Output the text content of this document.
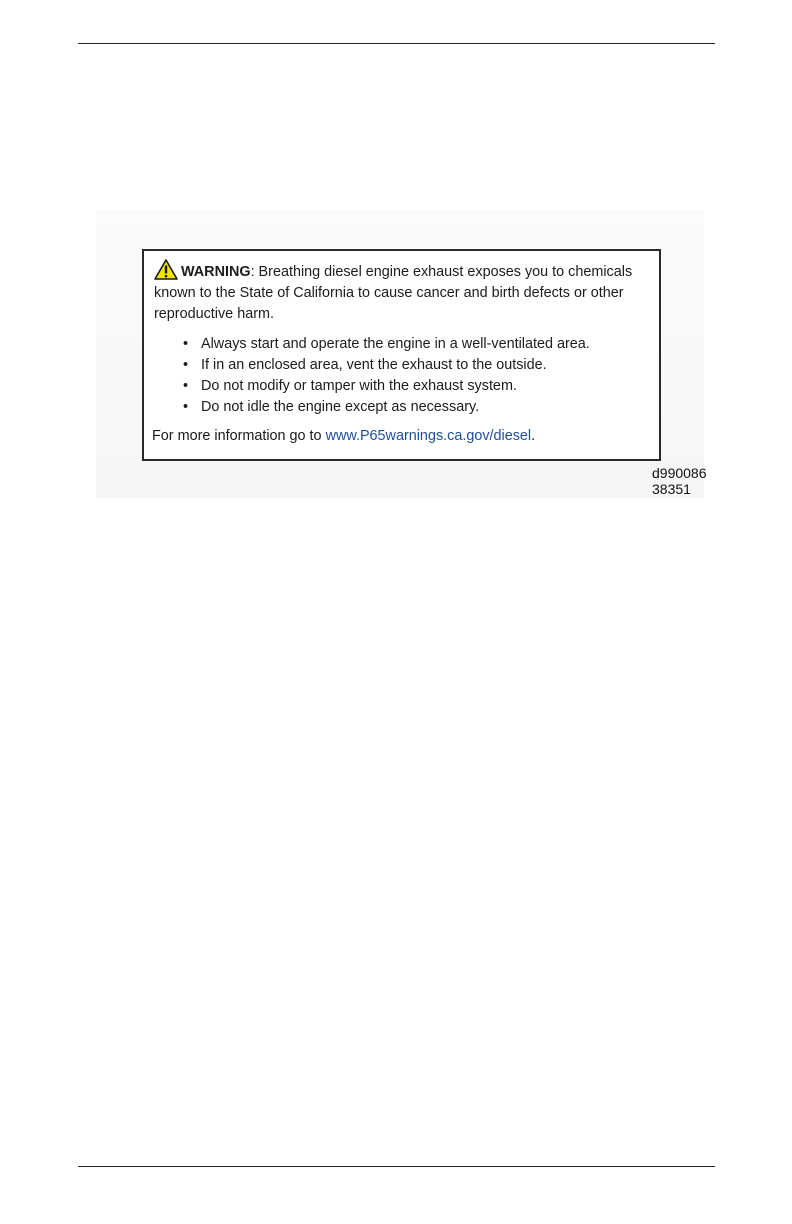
WARNING: Breathing diesel engine exhaust exposes you to chemicals known to the State of California to cause cancer and birth defects or other reproductive harm.
• Always start and operate the engine in a well-ventilated area.
• If in an enclosed area, vent the exhaust to the outside.
• Do not modify or tamper with the exhaust system.
• Do not idle the engine except as necessary.
For more information go to www.P65warnings.ca.gov/diesel.
d990086
38351
